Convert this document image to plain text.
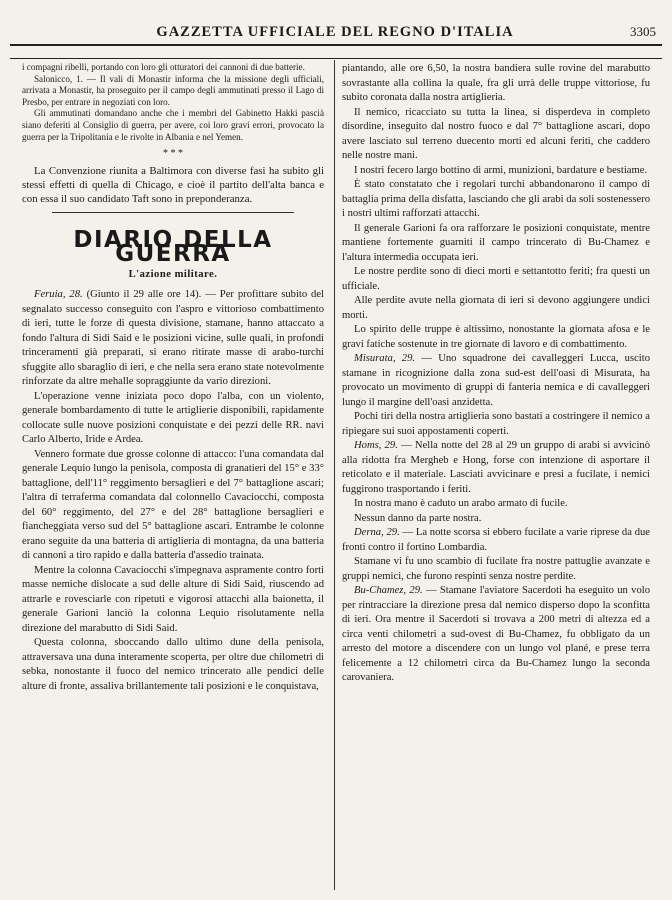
GAZZETTA UFFICIALE DEL REGNO D'ITALIA	3305

i compagni ribelli, portando con loro gli otturatori dei cannoni di due batterie.

Salonicco, 1. — Il vali di Monastir informa che la missione degli ufficiali, arrivata a Monastir, ha proseguito per il campo degli ammutinati presso il Lago di Presbo, per entrare in negoziati con loro.

Gli ammutinati domandano anche che i membri del Gabinetto Hakki pascià siano deferiti al Consiglio di guerra, per avere, coi loro gravi errori, provocato la guerra per la Tripolitania e le rivolte in Albania e nel Yemen.

* * *

La Convenzione riunita a Baltimora con diverse fasi ha subito gli stessi effetti di quella di Chicago, e cioè il partito dell'alta banca e con essa il suo candidato Taft sono in preponderanza.

DIARIO DELLA GUERRA
L'azione militare.

Feruia, 28. (Giunto il 29 alle ore 14). — Per profittare subito del segnalato successo conseguito con l'aspro e vittorioso combattimento di ieri, tutte le forze di questa divisione, stamane, hanno attaccato a fondo l'altura di Sidi Said e le posizioni vicine, sulle quali, in profondi trinceramenti già preparati, si erano ritirate masse di arabo-turchi sfuggite allo sbaraglio di ieri, e che nella sera erano state notevolmente rinforzate da altre mehalle sopraggiunte da vario direzioni.

L'operazione venne iniziata poco dopo l'alba, con un violento, generale bombardamento di tutte le artiglierie disponibili, rapidamente collocate sulle nuove posizioni conquistate e dei pezzi delle RR. navi Carlo Alberto, Iride e Ardea.

Vennero formate due grosse colonne di attacco: l'una comandata dal generale Lequio lungo la penisola, composta di granatieri del 15° e 33° battaglione, dell'11° reggimento bersaglieri e del 7° battaglione ascari; l'altra di terraferma comandata dal colonnello Cavaciocchi, composta del 60° reggimento, del 27° e del 28° battaglione bersaglieri e fiancheggiata verso sud del 5° battaglione ascari. Entrambe le colonne erano seguite da una batteria di artiglieria di montagna, da una batteria di cannoni a tiro rapido e dalla batteria d'assedio trainata.

Mentre la colonna Cavaciocchi s'impegnava aspramente contro forti masse nemiche dislocate a sud delle alture di Sidi Said, riuscendo ad attrarle e rovesciarle con ripetuti e vigorosi attacchi alla baionetta, il generale Garioni lanciò la colonna Lequio risolutamente nella direzione del marabutto di Sidi Said.

Questa colonna, sboccando dallo ultimo dune della penisola, attraversava una duna interamente scoperta, per oltre due chilometri di sebka, nonostante il fuoco del nemico trincerato alle pendici delle alture di fronte, assaliva brillantemente tali posizioni e le conquistava,

piantando, alle ore 6,50, la nostra bandiera sulle rovine del marabutto sovrastante alla collina la quale, fra gli urrà delle truppe vittoriose, fu subito coronata dalla nostra artiglieria.

Il nemico, ricacciato su tutta la linea, si disperdeva in completo disordine, inseguito dal nostro fuoco e dal 7° battaglione ascari, dopo avere lasciato sul terreno duecento morti ed alcuni feriti, che caddero nelle nostre mani.

I nostri fecero largo bottino di armi, munizioni, bardature e bestiame.

È stato constatato che i regolari turchi abbandonarono il campo di battaglia prima della disfatta, lasciando che gli arabi da soli sostenessero i nostri ultimi rafforzati attacchi.

Il generale Garioni fa ora rafforzare le posizioni conquistate, mentre mantiene fortemente guarniti il campo trincerato di Bu-Chamez e l'altura intermedia occupata ieri.

Le nostre perdite sono di dieci morti e settantotto feriti; fra questi un ufficiale.

Alle perdite avute nella giornata di ieri si devono aggiungere undici morti.

Lo spirito delle truppe è altissimo, nonostante la giornata afosa e le gravi fatiche sostenute in tre giornate di lavoro e di combattimento.

Misurata, 29. — Uno squadrone dei cavalleggeri Lucca, uscito stamane in ricognizione dalla zona sud-est dell'oasi di Misurata, ha provocato un movimento di gruppi di fanteria nemica e di cavalleggeri lungo il margine dell'oasi anzidetta.

Pochi tiri della nostra artiglieria sono bastati a costringere il nemico a ripiegare sui suoi appostamenti coperti.

Homs, 29. — Nella notte del 28 al 29 un gruppo di arabi si avvicinò alla ridotta fra Mergheb e Hong, forse con intenzione di asportare il reticolato e il materiale. Lasciati avvicinare e presi a fucilate, i nemici fuggirono trasportando i feriti.

In nostra mano è caduto un arabo armato di fucile.

Nessun danno da parte nostra.

Derna, 29. — La notte scorsa si ebbero fucilate a varie riprese da due fronti contro il fortino Lombardia.

Stamane vi fu uno scambio di fucilate fra nostre pattuglie avanzate e gruppi nemici, che furono respinti senza nostre perdite.

Bu-Chamez, 29. — Stamane l'aviatore Sacerdoti ha eseguito un volo per rintracciare la direzione presa dal nemico disperso dopo la sconfitta di ieri. Ora mentre il Sacerdoti si trovava a 200 metri di altezza ed a circa venti chilometri a sud-ovest di Bu-Chamez, fu obbligato da un arresto del motore a discendere con un lungo vol plané, e prese terra felicemente a 12 chilometri circa da Bu-Chamez lungo la seconda carovaniera.
